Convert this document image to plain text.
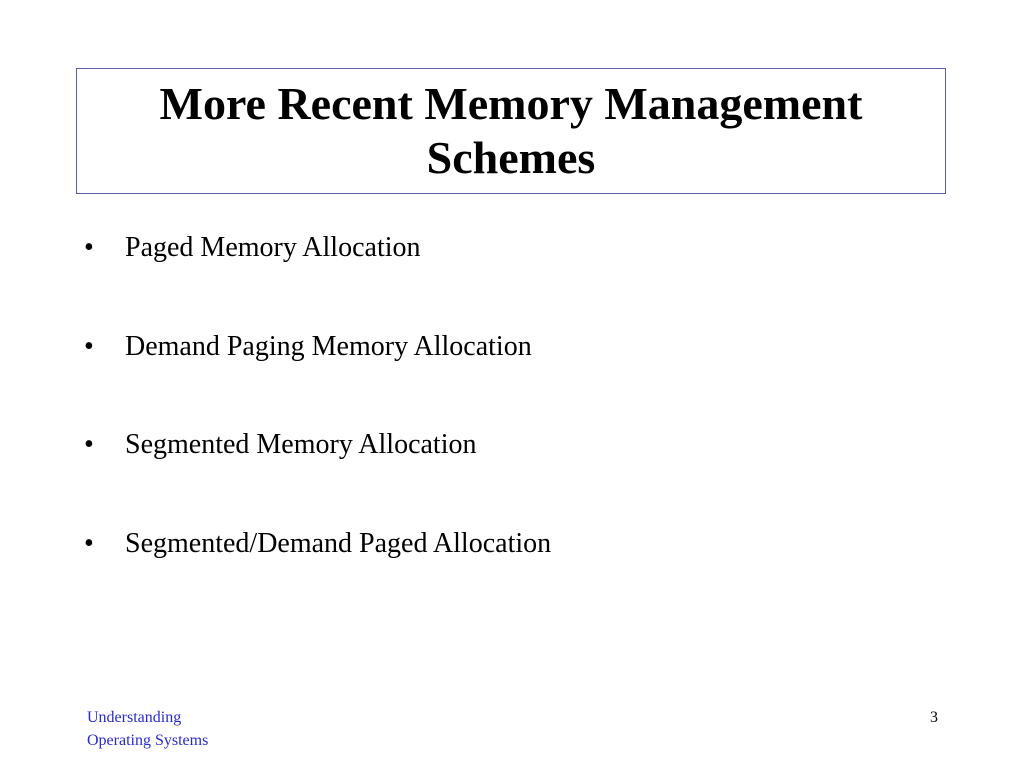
More Recent Memory Management
Schemes
•	Paged Memory Allocation
•	Demand Paging Memory Allocation
•	Segmented Memory Allocation
•	Segmented/Demand Paged Allocation
Understanding
Operating Systems
3
